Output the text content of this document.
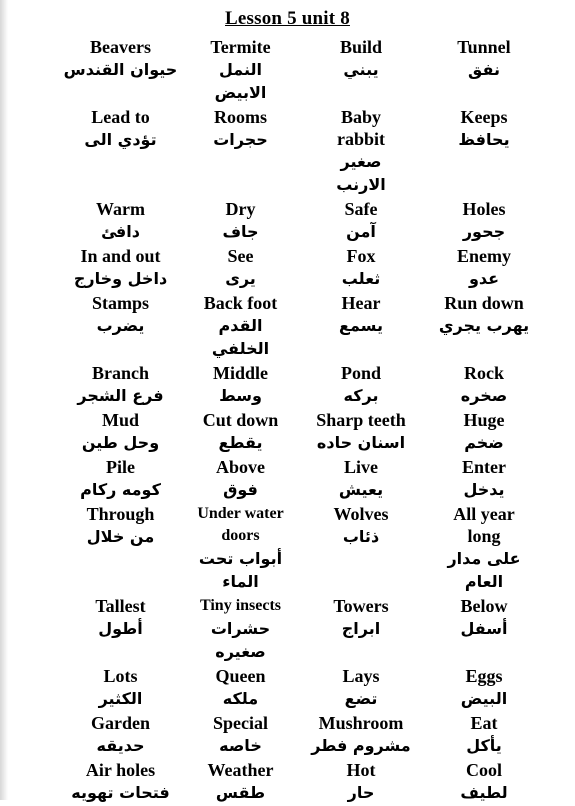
Lesson 5 unit 8
Beavers
حيوان القندس
Termite
النمل الابيض
Build
يبني
Tunnel
نفق
Lead to
تؤدي الى
Rooms
حجرات
Baby rabbit
صغير الارنب
Keeps
يحافظ
Warm
دافئ
Dry
جاف
Safe
آمن
Holes
جحور
In and out
داخل وخارج
See
يرى
Fox
ثعلب
Enemy
عدو
Stamps
يضرب
Back foot
القدم الخلفي
Hear
يسمع
Run down
يهرب يجري
Branch
فرع الشجر
Middle
وسط
Pond
بركه
Rock
صخره
Mud
وحل طين
Cut down
يقطع
Sharp teeth
اسنان حاده
Huge
ضخم
Pile
كومه ركام
Above
فوق
Live
يعيش
Enter
يدخل
Through
من خلال
Under water doors
أبواب تحت الماء
Wolves
ذئاب
All year long
على مدار العام
Tallest
أطول
Tiny insects
حشرات صغيره
Towers
ابراج
Below
أسفل
Lots
الكثير
Queen
ملكه
Lays
تضع
Eggs
البيض
Garden
حديقه
Special
خاصه
Mushroom
مشروم فطر
Eat
يأكل
Air holes
فتحات تهويه
Weather
طقس
Hot
حار
Cool
لطيف
